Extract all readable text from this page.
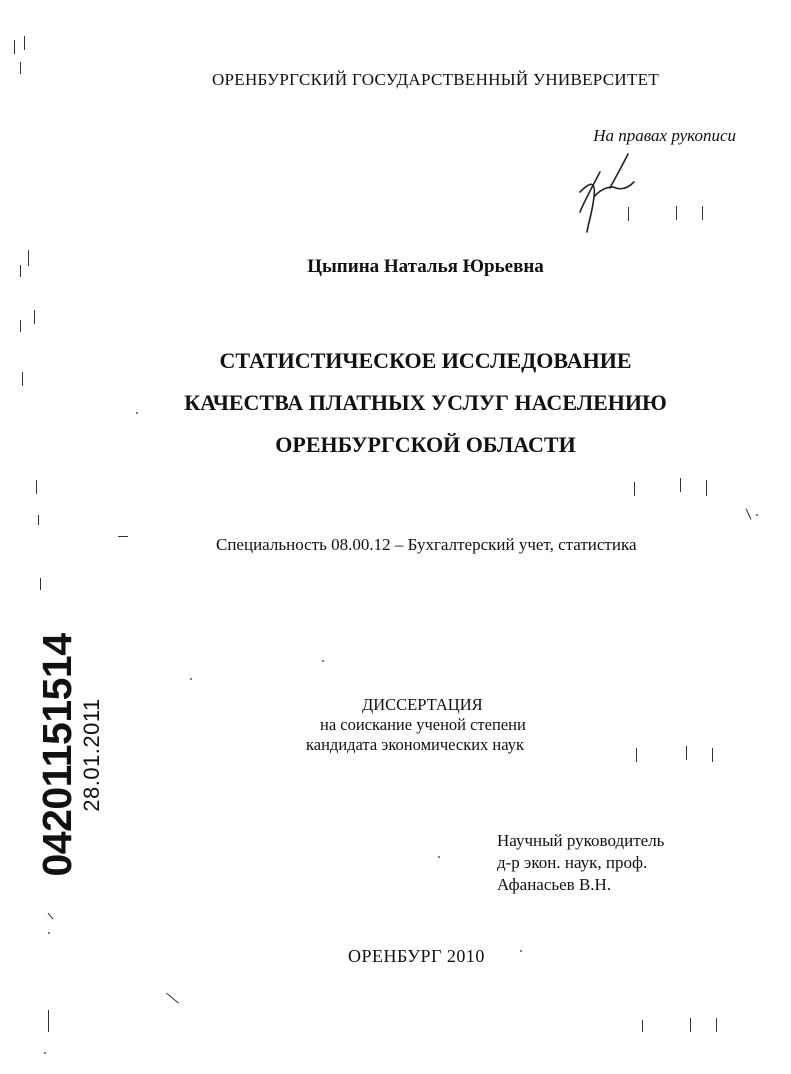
ОРЕНБУРГСКИЙ ГОСУДАРСТВЕННЫЙ УНИВЕРСИТЕТ
На правах рукописи
Цыпина Наталья Юрьевна
СТАТИСТИЧЕСКОЕ ИССЛЕДОВАНИЕ
КАЧЕСТВА ПЛАТНЫХ УСЛУГ НАСЕЛЕНИЮ
ОРЕНБУРГСКОЙ ОБЛАСТИ
Специальность 08.00.12 – Бухгалтерский учет, статистика
ДИССЕРТАЦИЯ
на соискание ученой степени
кандидата экономических наук
Научный руководитель
д-р экон. наук, проф.
Афанасьев В.Н.
ОРЕНБУРГ 2010
04201151514 28.01.2011
